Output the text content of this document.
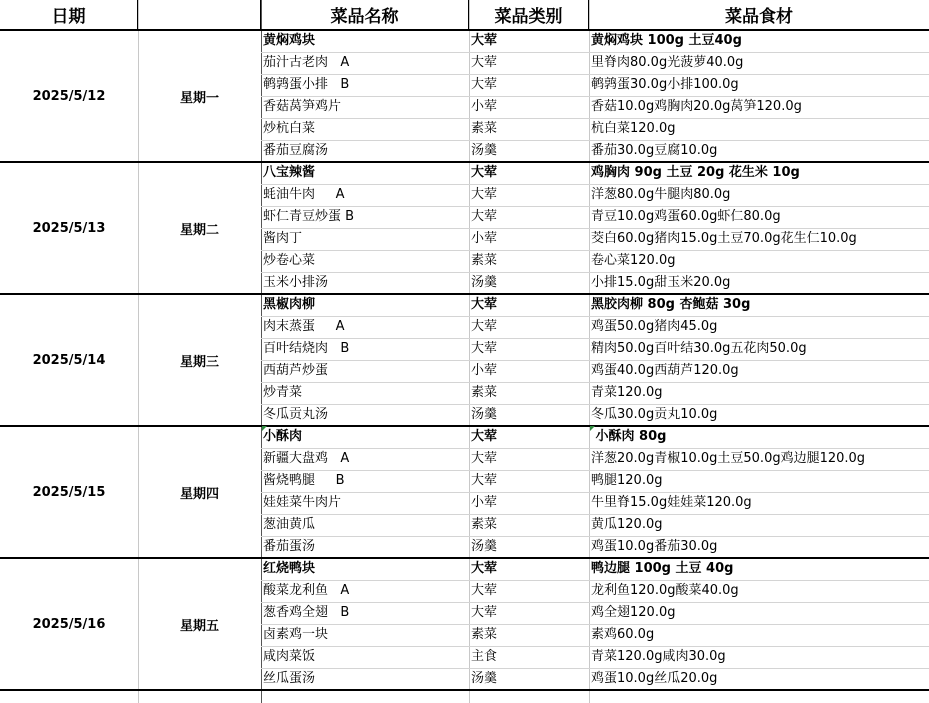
日期	菜品名称	菜品类别	菜品食材
2025/5/12	星期一
黄焖鸡块	大荤	黄焖鸡块 100g 土豆40g
茄汁古老肉   A	大荤	里脊肉80.0g光菠萝40.0g
鹌鹑蛋小排   B	大荤	鹌鹑蛋30.0g小排100.0g
香菇莴笋鸡片	小荤	香菇10.0g鸡胸肉20.0g莴笋120.0g
炒杭白菜	素菜	杭白菜120.0g
番茄豆腐汤	汤羹	番茄30.0g豆腐10.0g
2025/5/13	星期二
八宝辣酱	大荤	鸡胸肉 90g 土豆 20g 花生米 10g
蚝油牛肉     A	大荤	洋葱80.0g牛腿肉80.0g
虾仁青豆炒蛋 B	大荤	青豆10.0g鸡蛋60.0g虾仁80.0g
酱肉丁	小荤	茭白60.0g猪肉15.0g土豆70.0g花生仁10.0g
炒卷心菜	素菜	卷心菜120.0g
玉米小排汤	汤羹	小排15.0g甜玉米20.0g
2025/5/14	星期三
黑椒肉柳	大荤	黑胶肉柳 80g 杏鲍菇 30g
肉末蒸蛋     A	大荤	鸡蛋50.0g猪肉45.0g
百叶结烧肉   B	大荤	精肉50.0g百叶结30.0g五花肉50.0g
西葫芦炒蛋	小荤	鸡蛋40.0g西葫芦120.0g
炒青菜	素菜	青菜120.0g
冬瓜贡丸汤	汤羹	冬瓜30.0g贡丸10.0g
2025/5/15	星期四
小酥肉	大荤	小酥肉 80g
新疆大盘鸡   A	大荤	洋葱20.0g青椒10.0g土豆50.0g鸡边腿120.0g
酱烧鸭腿     B	大荤	鸭腿120.0g
娃娃菜牛肉片	小荤	牛里脊15.0g娃娃菜120.0g
葱油黄瓜	素菜	黄瓜120.0g
番茄蛋汤	汤羹	鸡蛋10.0g番茄30.0g
2025/5/16	星期五
红烧鸭块	大荤	鸭边腿 100g 土豆 40g
酸菜龙利鱼   A	大荤	龙利鱼120.0g酸菜40.0g
葱香鸡全翅   B	大荤	鸡全翅120.0g
卤素鸡一块	素菜	素鸡60.0g
咸肉菜饭	主食	青菜120.0g咸肉30.0g
丝瓜蛋汤	汤羹	鸡蛋10.0g丝瓜20.0g
